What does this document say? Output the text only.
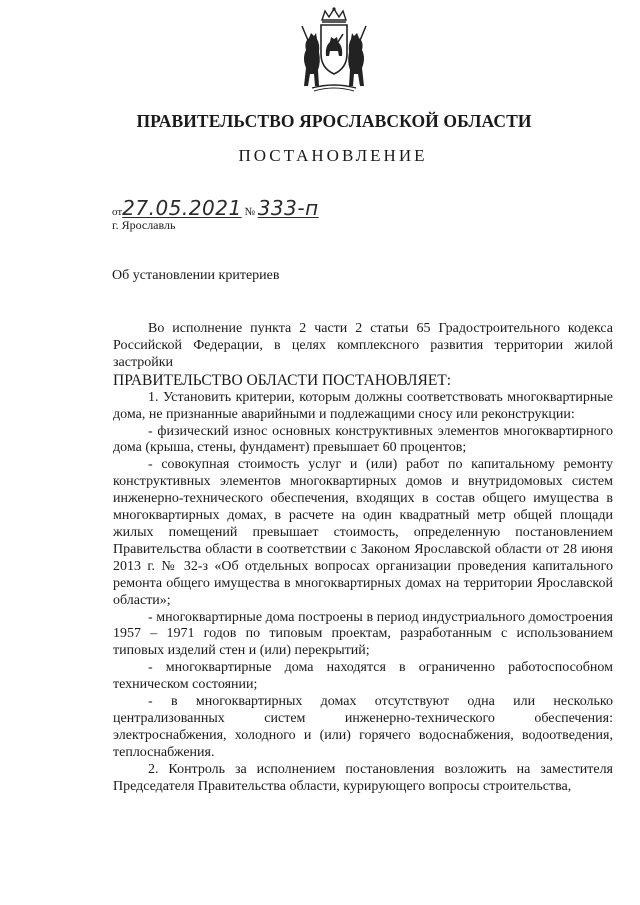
ПРАВИТЕЛЬСТВО ЯРОСЛАВСКОЙ ОБЛАСТИ
ПОСТАНОВЛЕНИЕ
от27.05.2021 № 333-п
г. Ярославль
Об установлении критериев

Во исполнение пункта 2 части 2 статьи 65 Градостроительного кодекса Российской Федерации, в целях комплексного развития территории жилой застройки

ПРАВИТЕЛЬСТВО ОБЛАСТИ ПОСТАНОВЛЯЕТ:

1. Установить критерии, которым должны соответствовать многоквартирные дома, не признанные аварийными и подлежащими сносу или реконструкции:

- физический износ основных конструктивных элементов многоквартирного дома (крыша, стены, фундамент) превышает 60 процентов;

- совокупная стоимость услуг и (или) работ по капитальному ремонту конструктивных элементов многоквартирных домов и внутридомовых систем инженерно-технического обеспечения, входящих в состав общего имущества в многоквартирных домах, в расчете на один квадратный метр общей площади жилых помещений превышает стоимость, определенную постановлением Правительства области в соответствии с Законом Ярославской области от 28 июня 2013 г. № 32-з «Об отдельных вопросах организации проведения капитального ремонта общего имущества в многоквартирных домах на территории Ярославской области»;

- многоквартирные дома построены в период индустриального домостроения 1957 – 1971 годов по типовым проектам, разработанным с использованием типовых изделий стен и (или) перекрытий;

- многоквартирные дома находятся в ограниченно работоспособном техническом состоянии;

- в многоквартирных домах отсутствуют одна или несколько централизованных систем инженерно-технического обеспечения: электроснабжения, холодного и (или) горячего водоснабжения, водоотведения, теплоснабжения.

2. Контроль за исполнением постановления возложить на заместителя Председателя Правительства области, курирующего вопросы строительства,
